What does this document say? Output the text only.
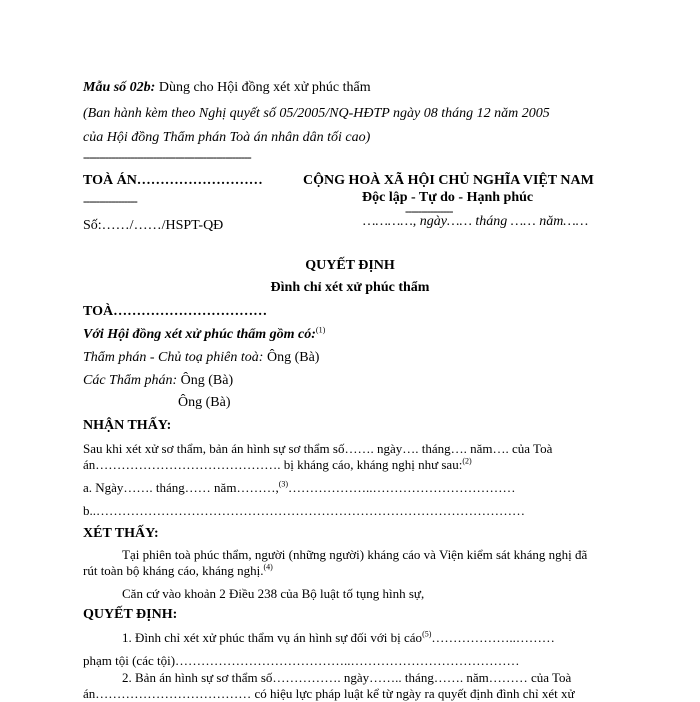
Mẫu số 02b: Dùng cho Hội đồng xét xử phúc thẩm
(Ban hành kèm theo Nghị quyết số 05/2005/NQ-HĐTP ngày 08 tháng 12 năm 2005
của Hội đồng Thẩm phán Toà án nhân dân tối cao)
-----------------------------------------------------
TOÀ ÁN………………………
-----------------
Số:……/……/HSPT-QĐ
CỘNG HOÀ XÃ HỘI CHỦ NGHĨA VIỆT NAM
Độc lập - Tự do - Hạnh phúc
---------------
…………, ngày…… tháng …… năm……
QUYẾT ĐỊNH
Đình chỉ xét xử phúc thẩm
TOÀ……………………………
Với Hội đồng xét xử phúc thẩm gồm có:$^{(1)}$
Thẩm phán - Chủ toạ phiên toà: Ông (Bà)
Các Thẩm phán: Ông (Bà)
Ông (Bà)
NHẬN THẤY:
Sau khi xét xử sơ thẩm, bản án hình sự sơ thẩm số……. ngày…. tháng…. năm…. của Toà
án……………………………………. bị kháng cáo, kháng nghị như sau:$^{(2)}$
a. Ngày……. tháng…… năm………,$^{(3)}$………………..……………………………
b..………………………………………………………………………………………
XÉT THẤY:
Tại phiên toà phúc thẩm, người (những người) kháng cáo và Viện kiểm sát kháng nghị đã
rút toàn bộ kháng cáo, kháng nghị.$^{(4)}$
Căn cứ vào khoản 2 Điều 238 của Bộ luật tố tụng hình sự,
QUYẾT ĐỊNH:
1. Đình chỉ xét xử phúc thẩm vụ án hình sự đối với bị cáo$^{(5)}$………………..………
phạm tội (các tội)…………………………………..…………………………………
2. Bản án hình sự sơ thẩm số……………. ngày…….. tháng……. năm……… của Toà
án……………………………… có hiệu lực pháp luật kể từ ngày ra quyết định đình chỉ xét xử
